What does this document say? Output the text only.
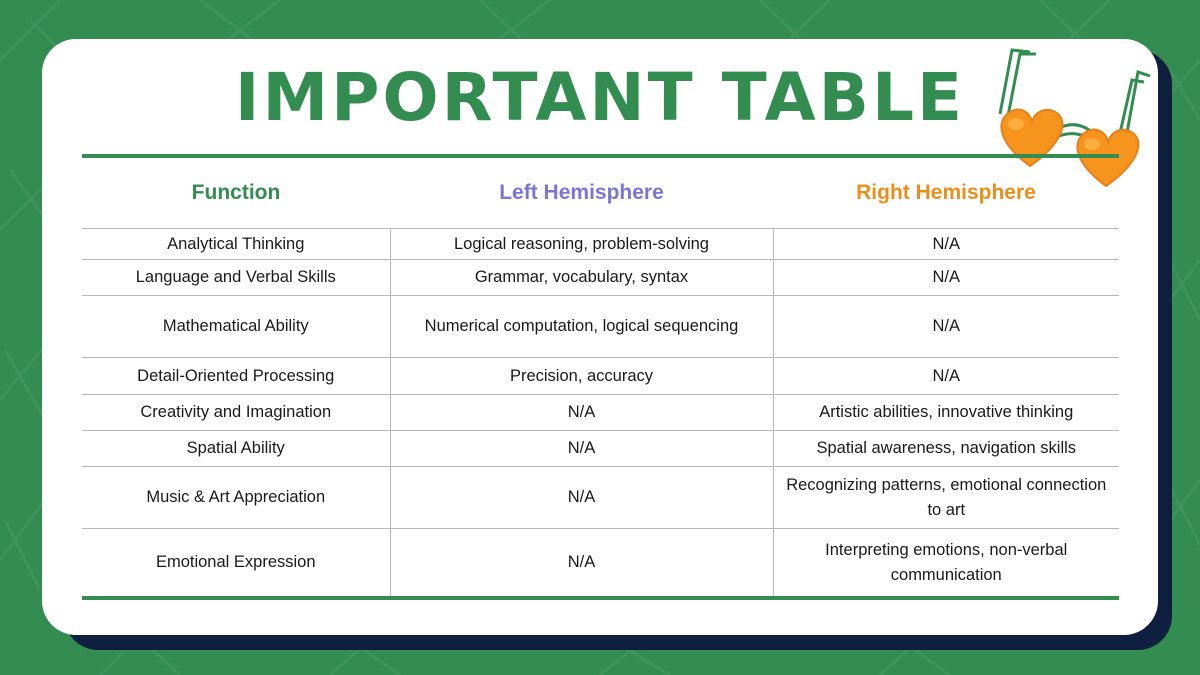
IMPORTANT TABLE
Function	Left Hemisphere	Right Hemisphere
Analytical Thinking	Logical reasoning, problem-solving	N/A
Language and Verbal Skills	Grammar, vocabulary, syntax	N/A
Mathematical Ability	Numerical computation, logical sequencing	N/A
Detail-Oriented Processing	Precision, accuracy	N/A
Creativity and Imagination	N/A	Artistic abilities, innovative thinking
Spatial Ability	N/A	Spatial awareness, navigation skills
Music & Art Appreciation	N/A	Recognizing patterns, emotional connection to art
Emotional Expression	N/A	Interpreting emotions, non-verbal communication
